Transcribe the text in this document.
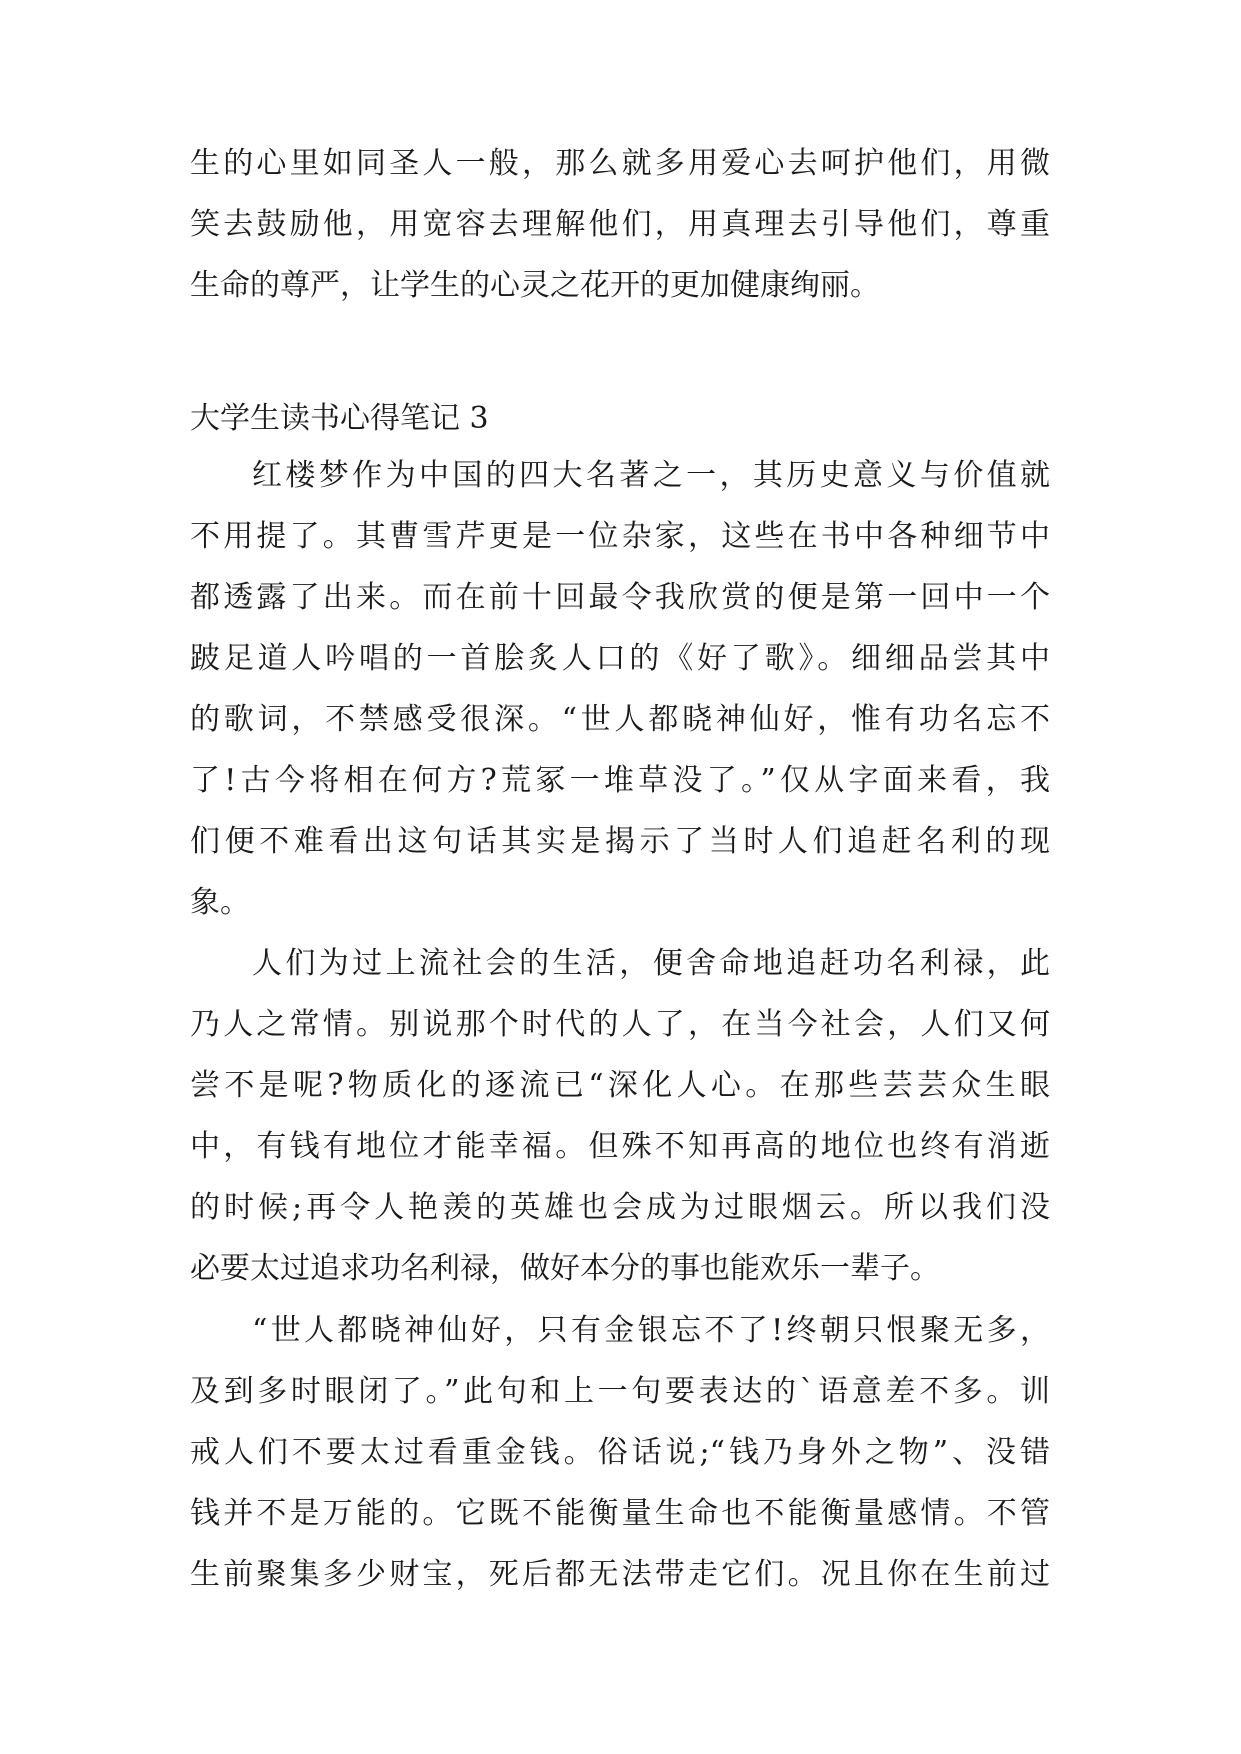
生的心里如同圣人一般，那么就多用爱心去呵护他们，用微
笑去鼓励他，用宽容去理解他们，用真理去引导他们，尊重
生命的尊严，让学生的心灵之花开的更加健康绚丽。
大学生读书心得笔记 3
红楼梦作为中国的四大名著之一，其历史意义与价值就
不用提了。其曹雪芹更是一位杂家，这些在书中各种细节中
都透露了出来。而在前十回最令我欣赏的便是第一回中一个
跛足道人吟唱的一首脍炙人口的《好了歌》。细细品尝其中
的歌词，不禁感受很深。“世人都晓神仙好，惟有功名忘不
了!古今将相在何方?荒冢一堆草没了。”仅从字面来看，我
们便不难看出这句话其实是揭示了当时人们追赶名利的现
象。
人们为过上流社会的生活，便舍命地追赶功名利禄，此
乃人之常情。别说那个时代的人了，在当今社会，人们又何
尝不是呢?物质化的逐流已“深化人心。在那些芸芸众生眼
中，有钱有地位才能幸福。但殊不知再高的地位也终有消逝
的时候;再令人艳羡的英雄也会成为过眼烟云。所以我们没
必要太过追求功名利禄，做好本分的事也能欢乐一辈子。
“世人都晓神仙好，只有金银忘不了!终朝只恨聚无多，
及到多时眼闭了。”此句和上一句要表达的`语意差不多。训
戒人们不要太过看重金钱。俗话说;“钱乃身外之物”、没错
钱并不是万能的。它既不能衡量生命也不能衡量感情。不管
生前聚集多少财宝，死后都无法带走它们。况且你在生前过
